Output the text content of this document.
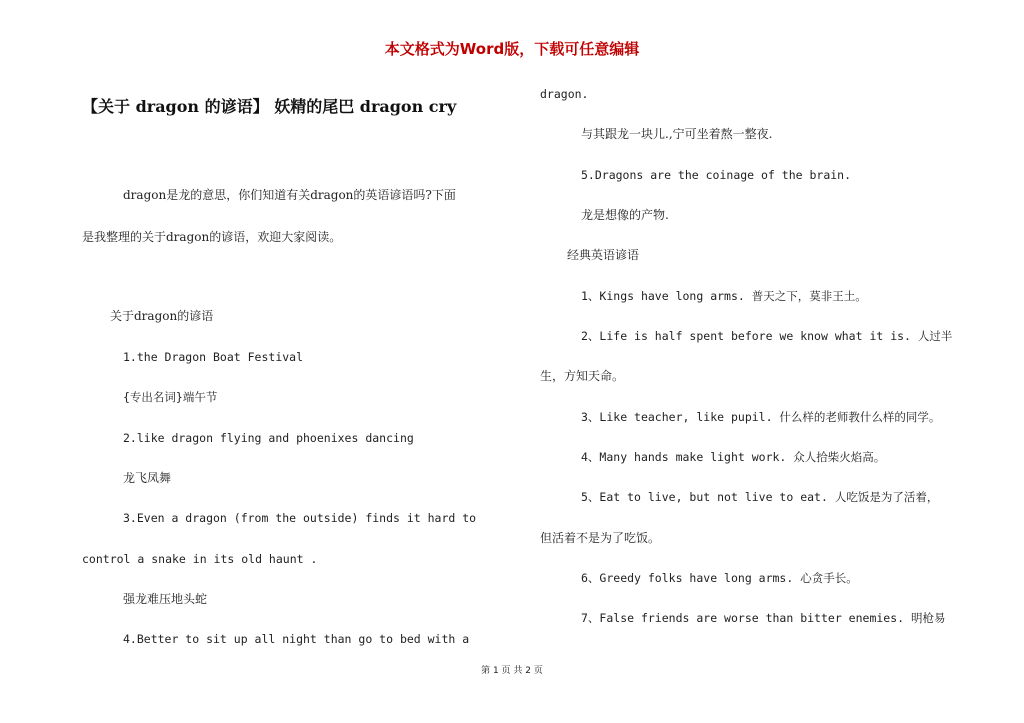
本文格式为Word版，下载可任意编辑
【关于 dragon 的谚语】 妖精的尾巴 dragon cry
dragon是龙的意思，你们知道有关dragon的英语谚语吗?下面
是我整理的关于dragon的谚语，欢迎大家阅读。
关于dragon的谚语
1.the Dragon Boat Festival
{专出名词}端午节
2.like dragon flying and phoenixes dancing
龙飞凤舞
3.Even a dragon (from the outside) finds it hard to
control a snake in its old haunt .
强龙难压地头蛇
4.Better to sit up all night than go to bed with a
dragon.
与其跟龙一块儿.,宁可坐着熬一整夜.
5.Dragons are the coinage of the brain.
龙是想像的产物.
经典英语谚语
1、Kings have long arms. 普天之下，莫非王土。
2、Life is half spent before we know what it is. 人过半
生，方知天命。
3、Like teacher, like pupil. 什么样的老师教什么样的同学。
4、Many hands make light work. 众人拾柴火焰高。
5、Eat to live, but not live to eat. 人吃饭是为了活着，
但活着不是为了吃饭。
6、Greedy folks have long arms. 心贪手长。
7、False friends are worse than bitter enemies. 明枪易
第 1 页 共 2 页
